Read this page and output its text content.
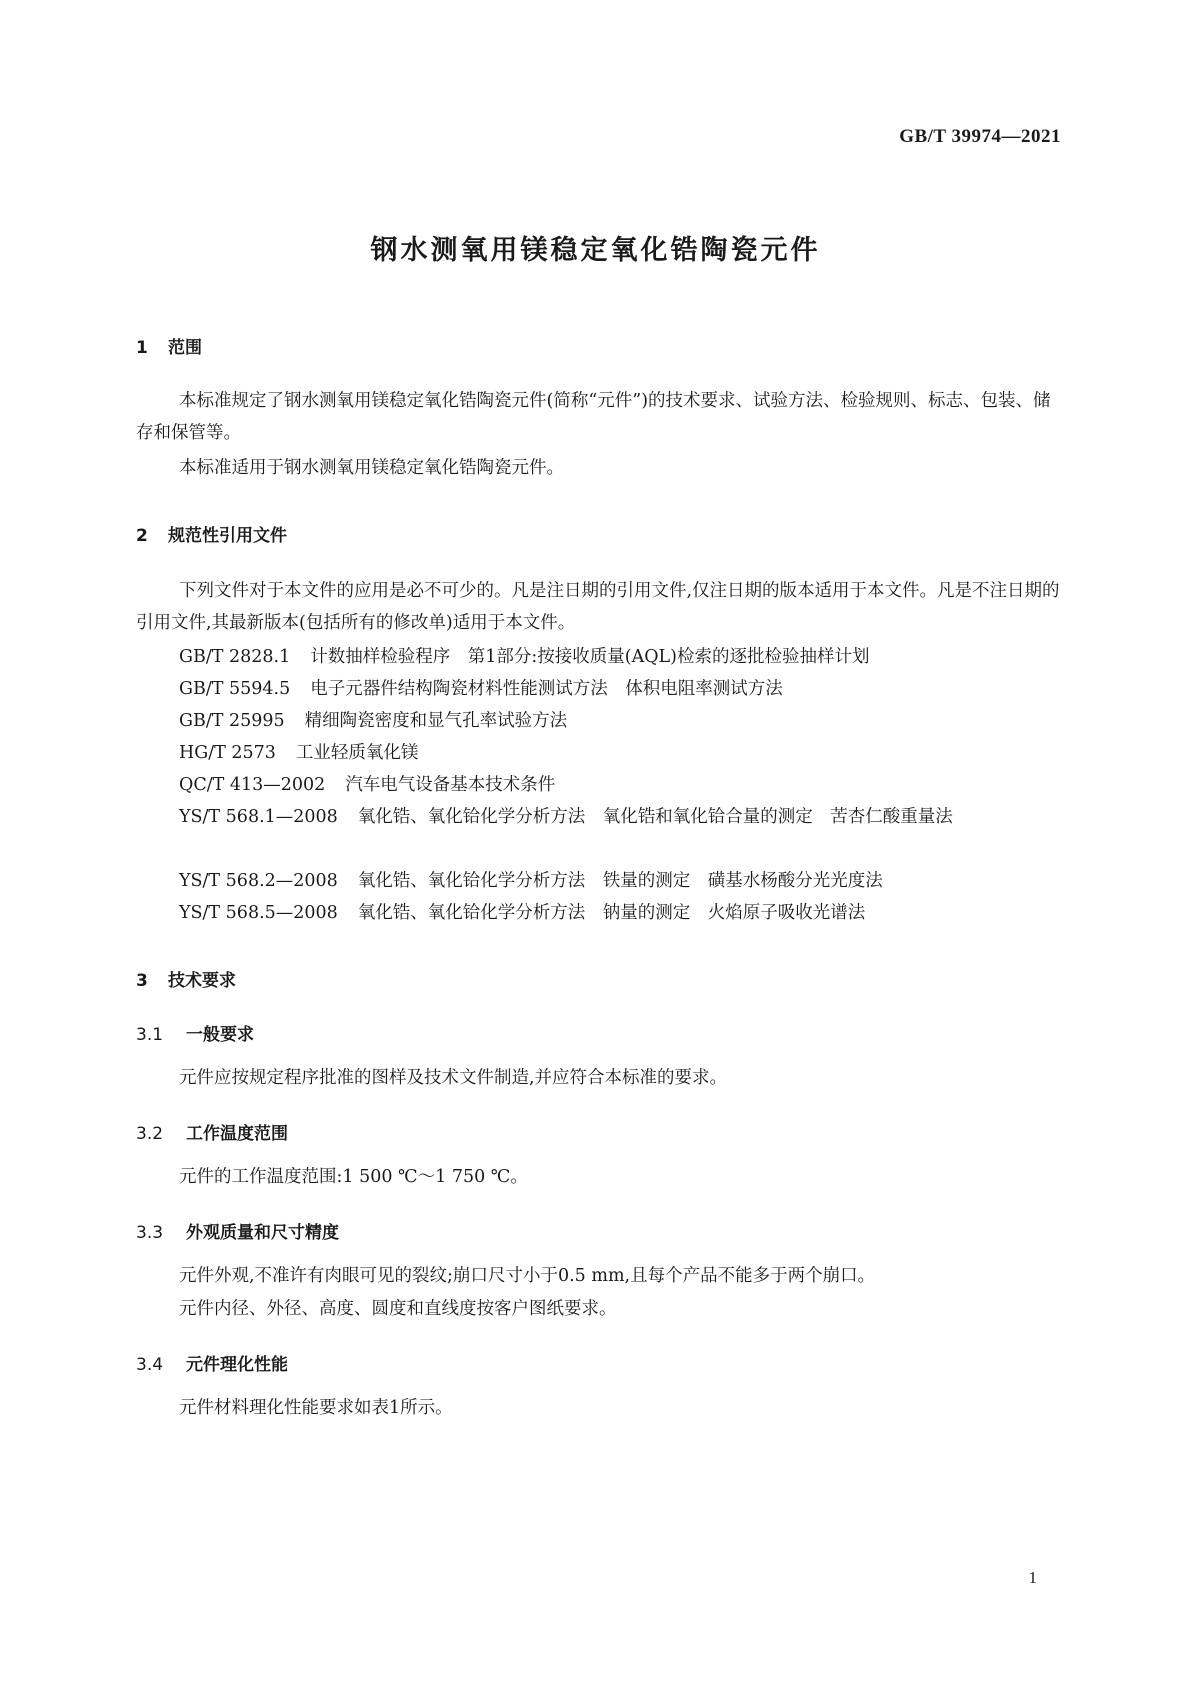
GB/T 39974—2021
钢水测氧用镁稳定氧化锆陶瓷元件
1 范围
本标准规定了钢水测氧用镁稳定氧化锆陶瓷元件(简称“元件”)的技术要求、试验方法、检验规则、标志、包装、储存和保管等。
本标准适用于钢水测氧用镁稳定氧化锆陶瓷元件。
2 规范性引用文件
下列文件对于本文件的应用是必不可少的。凡是注日期的引用文件,仅注日期的版本适用于本文件。凡是不注日期的引用文件,其最新版本(包括所有的修改单)适用于本文件。
GB/T 2828.1 计数抽样检验程序　第1部分:按接收质量(AQL)检索的逐批检验抽样计划
GB/T 5594.5 电子元器件结构陶瓷材料性能测试方法　体积电阻率测试方法
GB/T 25995 精细陶瓷密度和显气孔率试验方法
HG/T 2573 工业轻质氧化镁
QC/T 413—2002 汽车电气设备基本技术条件
YS/T 568.1—2008 氧化锆、氧化铪化学分析方法　氧化锆和氧化铪合量的测定　苦杏仁酸重量法
YS/T 568.2—2008 氧化锆、氧化铪化学分析方法　铁量的测定　磺基水杨酸分光光度法
YS/T 568.5—2008 氧化锆、氧化铪化学分析方法　钠量的测定　火焰原子吸收光谱法
3 技术要求
3.1 一般要求
元件应按规定程序批准的图样及技术文件制造,并应符合本标准的要求。
3.2 工作温度范围
元件的工作温度范围:1 500 ℃～1 750 ℃。
3.3 外观质量和尺寸精度
元件外观,不准许有肉眼可见的裂纹;崩口尺寸小于0.5 mm,且每个产品不能多于两个崩口。
元件内径、外径、高度、圆度和直线度按客户图纸要求。
3.4 元件理化性能
元件材料理化性能要求如表1所示。
1
